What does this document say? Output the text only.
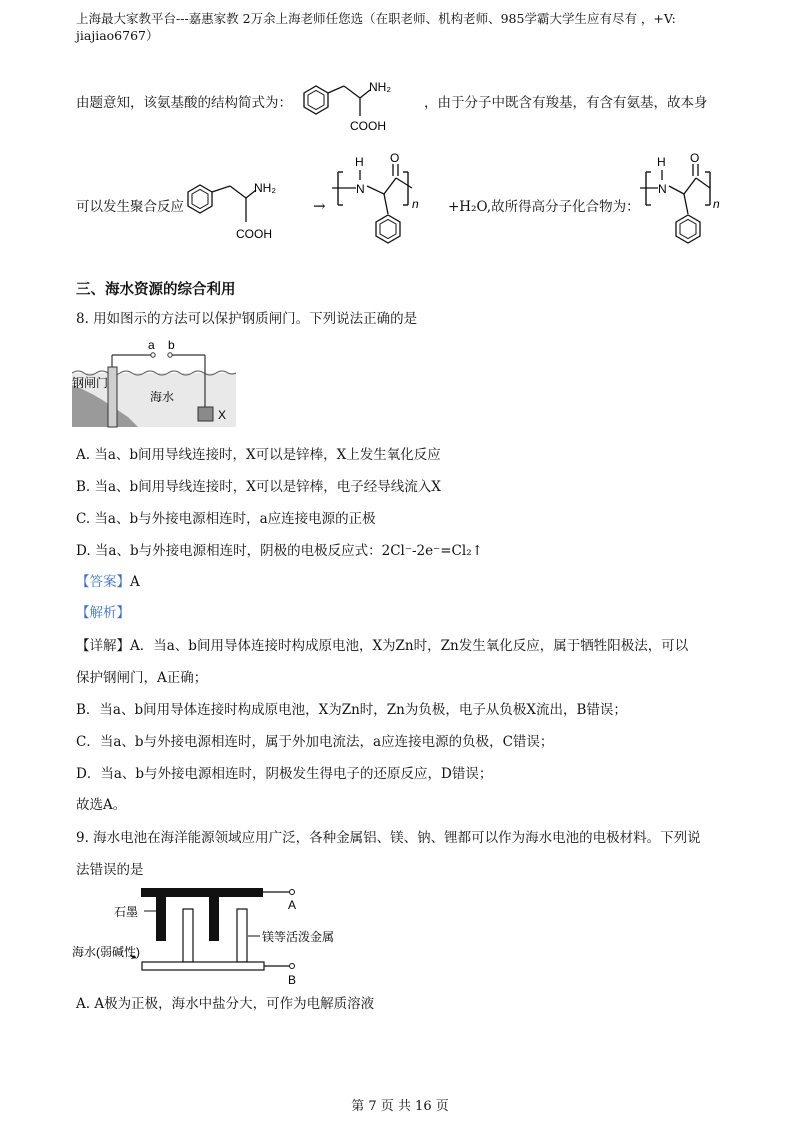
上海最大家教平台---嘉惠家教 2万余上海老师任您选（在职老师、机构老师、985学霸大学生应有尽有 ，+V:
jiajiao6767）
由题意知，该氨基酸的结构简式为：
NH₂
COOH
，由于分子中既含有羧基，有含有氨基，故本身
可以发生聚合反应
NH₂
COOH
→
N
H O
n +H₂O,故所得高分子化合物为：
N
H O
n
三、海水资源的综合利用
8. 用如图示的方法可以保护钢质闸门。下列说法正确的是
a b
钢闸门
海水
X
A. 当a、b间用导线连接时，X可以是锌棒，X上发生氧化反应
B. 当a、b间用导线连接时，X可以是锌棒，电子经导线流入X
C. 当a、b与外接电源相连时，a应连接电源的正极
D. 当a、b与外接电源相连时，阴极的电极反应式：2Cl⁻-2e⁻=Cl₂↑
【答案】A
【解析】
【详解】A．当a、b间用导体连接时构成原电池，X为Zn时，Zn发生氧化反应，属于牺牲阳极法，可以
保护钢闸门，A正确；
B．当a、b间用导体连接时构成原电池，X为Zn时，Zn为负极，电子从负极X流出，B错误；
C．当a、b与外接电源相连时，属于外加电流法，a应连接电源的负极，C错误；
D．当a、b与外接电源相连时，阴极发生得电子的还原反应，D错误；
故选A。
9. 海水电池在海洋能源领域应用广泛，各种金属铝、镁、钠、锂都可以作为海水电池的电极材料。下列说
法错误的是
石墨
镁等活泼金属
海水(弱碱性)
A
B
A. A极为正极，海水中盐分大，可作为电解质溶液
第 7 页 共 16 页
